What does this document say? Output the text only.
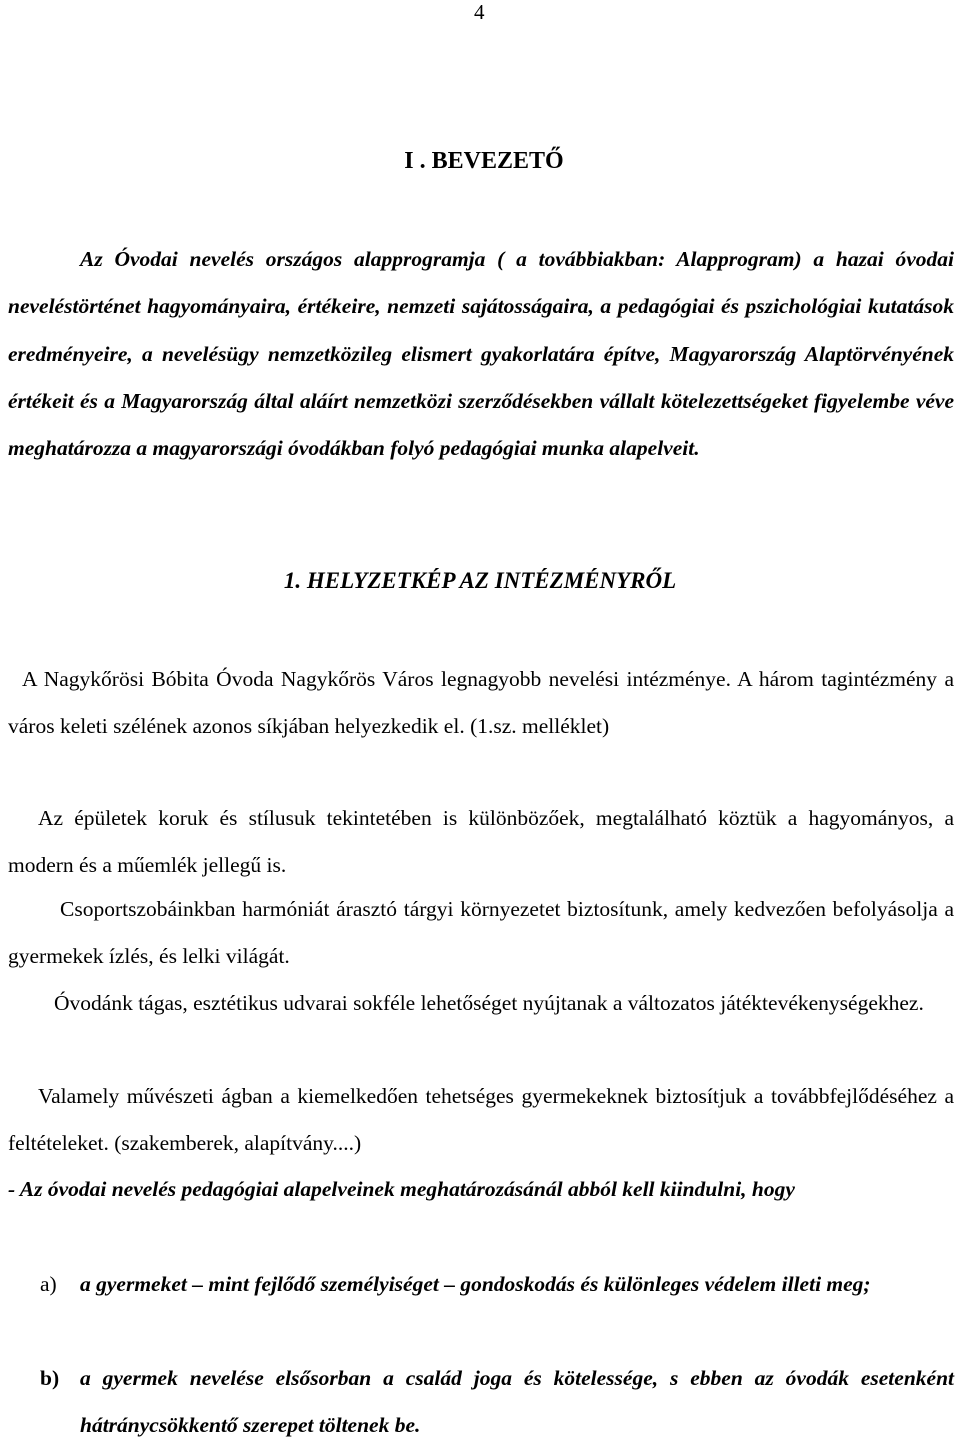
4
I . BEVEZETŐ
Az Óvodai nevelés országos alapprogramja ( a továbbiakban: Alapprogram) a hazai óvodai neveléstörténet hagyományaira, értékeire, nemzeti sajátosságaira, a pedagógiai és pszichológiai kutatások eredményeire, a nevelésügy nemzetközileg elismert gyakorlatára építve, Magyarország Alaptörvényének értékeit és a Magyarország által aláírt nemzetközi szerződésekben vállalt kötelezettségeket figyelembe véve meghatározza a magyarországi óvodákban folyó pedagógiai munka alapelveit.
1. HELYZETKÉP AZ INTÉZMÉNYRŐL
A Nagykőrösi Bóbita Óvoda Nagykőrös Város legnagyobb nevelési intézménye. A három tagintézmény a város keleti szélének azonos síkjában helyezkedik el. (1.sz. melléklet)
Az épületek koruk és stílusuk tekintetében is különbözőek, megtalálható köztük a hagyományos, a modern és a műemlék jellegű is.
Csoportszobáinkban harmóniát árasztó tárgyi környezetet biztosítunk, amely kedvezően befolyásolja a gyermekek ízlés, és lelki világát.
Óvodánk tágas, esztétikus udvarai sokféle lehetőséget nyújtanak a változatos játéktevékenységekhez.
Valamely művészeti ágban a kiemelkedően tehetséges gyermekeknek biztosítjuk a továbbfejlődéséhez a feltételeket. (szakemberek, alapítvány....)
- Az óvodai nevelés pedagógiai alapelveinek meghatározásánál abból kell kiindulni, hogy
a)	a gyermeket – mint fejlődő személyiséget – gondoskodás és különleges védelem illeti meg;
b) a gyermek nevelése elsősorban a család joga és kötelessége, s ebben az óvodák esetenként hátránycsökkentő szerepet töltenek be.
